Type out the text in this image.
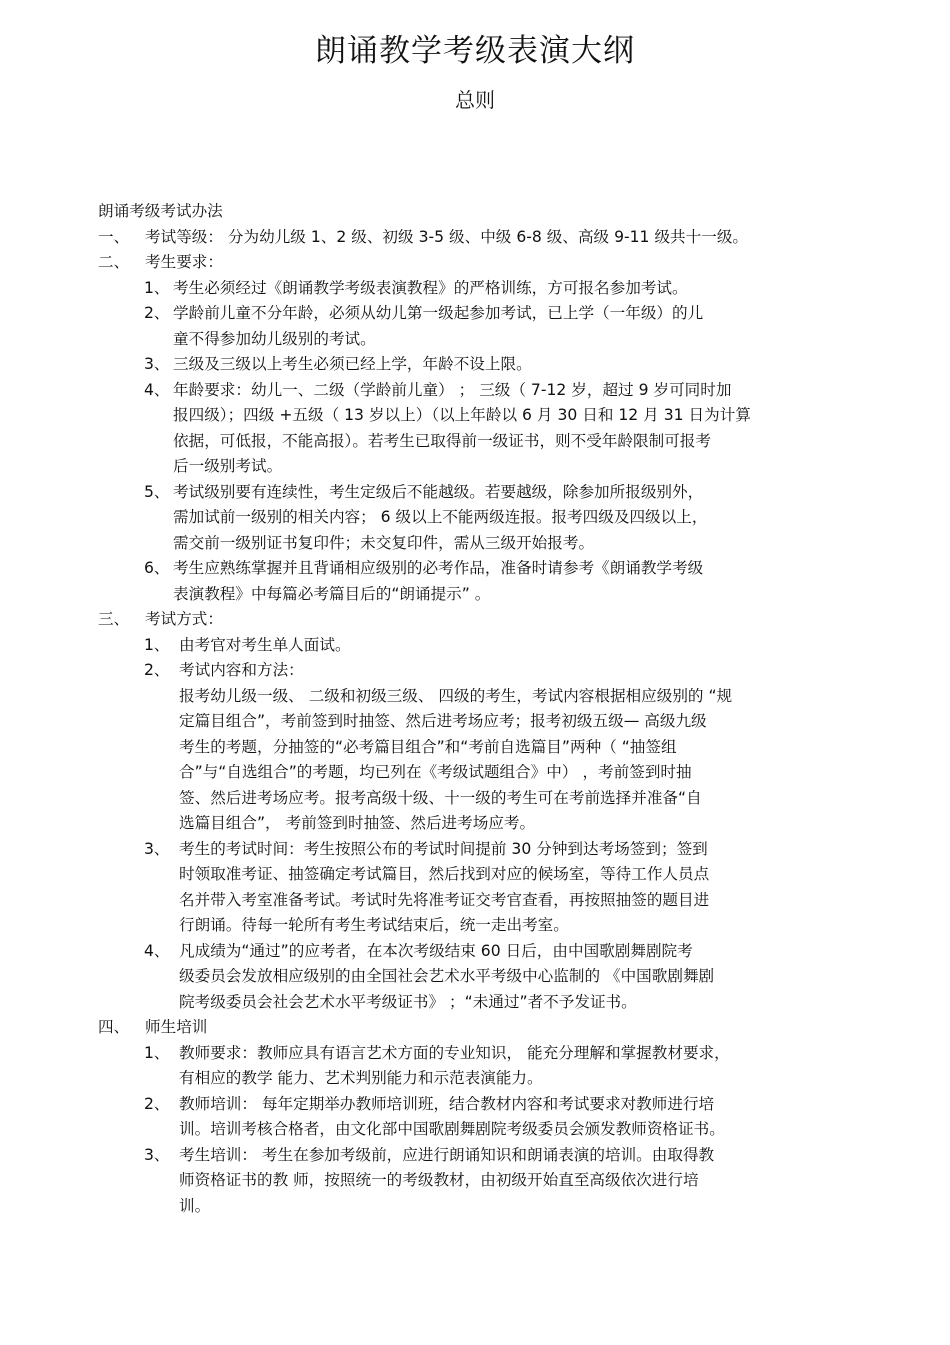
朗诵教学考级表演大纲
总则
朗诵考级考试办法
一、 考试等级： 分为幼儿级 1、2 级、初级 3-5 级、中级 6-8 级、高级 9-11 级共十一级。
二、 考生要求：
1、 考生必须经过《朗诵教学考级表演教程》的严格训练，方可报名参加考试。
2、 学龄前儿童不分年龄，必须从幼儿第一级起参加考试，已上学（一年级）的儿
童不得参加幼儿级别的考试。
3、 三级及三级以上考生必须已经上学，年龄不设上限。
4、 年龄要求：幼儿一、二级（学龄前儿童） ； 三级（ 7-12 岁，超过 9 岁可同时加
报四级）；四级 +五级（ 13 岁以上）（以上年龄以 6 月 30 日和 12 月 31 日为计算
依据，可低报，不能高报）。若考生已取得前一级证书，则不受年龄限制可报考
后一级别考试。
5、 考试级别要有连续性，考生定级后不能越级。若要越级，除参加所报级别外，
需加试前一级别的相关内容； 6 级以上不能两级连报。报考四级及四级以上，
需交前一级别证书复印件；未交复印件，需从三级开始报考。
6、 考生应熟练掌握并且背诵相应级别的必考作品，准备时请参考《朗诵教学考级
表演教程》中每篇必考篇目后的“朗诵提示” 。
三、 考试方式：
1、 由考官对考生单人面试。
2、 考试内容和方法：
报考幼儿级一级、 二级和初级三级、 四级的考生，考试内容根据相应级别的 “规
定篇目组合”，考前签到时抽签、然后进考场应考；报考初级五级— 高级九级
考生的考题，分抽签的“必考篇目组合”和“考前自选篇目”两种（ “抽签组
合”与“自选组合”的考题，均已列在《考级试题组合》中） ，考前签到时抽
签、然后进考场应考。报考高级十级、十一级的考生可在考前选择并准备“自
选篇目组合”， 考前签到时抽签、然后进考场应考。
3、 考生的考试时间：考生按照公布的考试时间提前 30 分钟到达考场签到；签到
时领取准考证、抽签确定考试篇目，然后找到对应的候场室，等待工作人员点
名并带入考室准备考试。考试时先将准考证交考官查看，再按照抽签的题目进
行朗诵。待每一轮所有考生考试结束后，统一走出考室。
4、 凡成绩为“通过”的应考者，在本次考级结束 60 日后，由中国歌剧舞剧院考
级委员会发放相应级别的由全国社会艺术水平考级中心监制的 《中国歌剧舞剧
院考级委员会社会艺术水平考级证书》 ；“未通过”者不予发证书。
四、 师生培训
1、 教师要求：教师应具有语言艺术方面的专业知识， 能充分理解和掌握教材要求，
有相应的教学 能力、艺术判别能力和示范表演能力。
2、 教师培训： 每年定期举办教师培训班，结合教材内容和考试要求对教师进行培
训。培训考核合格者，由文化部中国歌剧舞剧院考级委员会颁发教师资格证书。
3、 考生培训： 考生在参加考级前，应进行朗诵知识和朗诵表演的培训。由取得教
师资格证书的教 师，按照统一的考级教材，由初级开始直至高级依次进行培
训。
